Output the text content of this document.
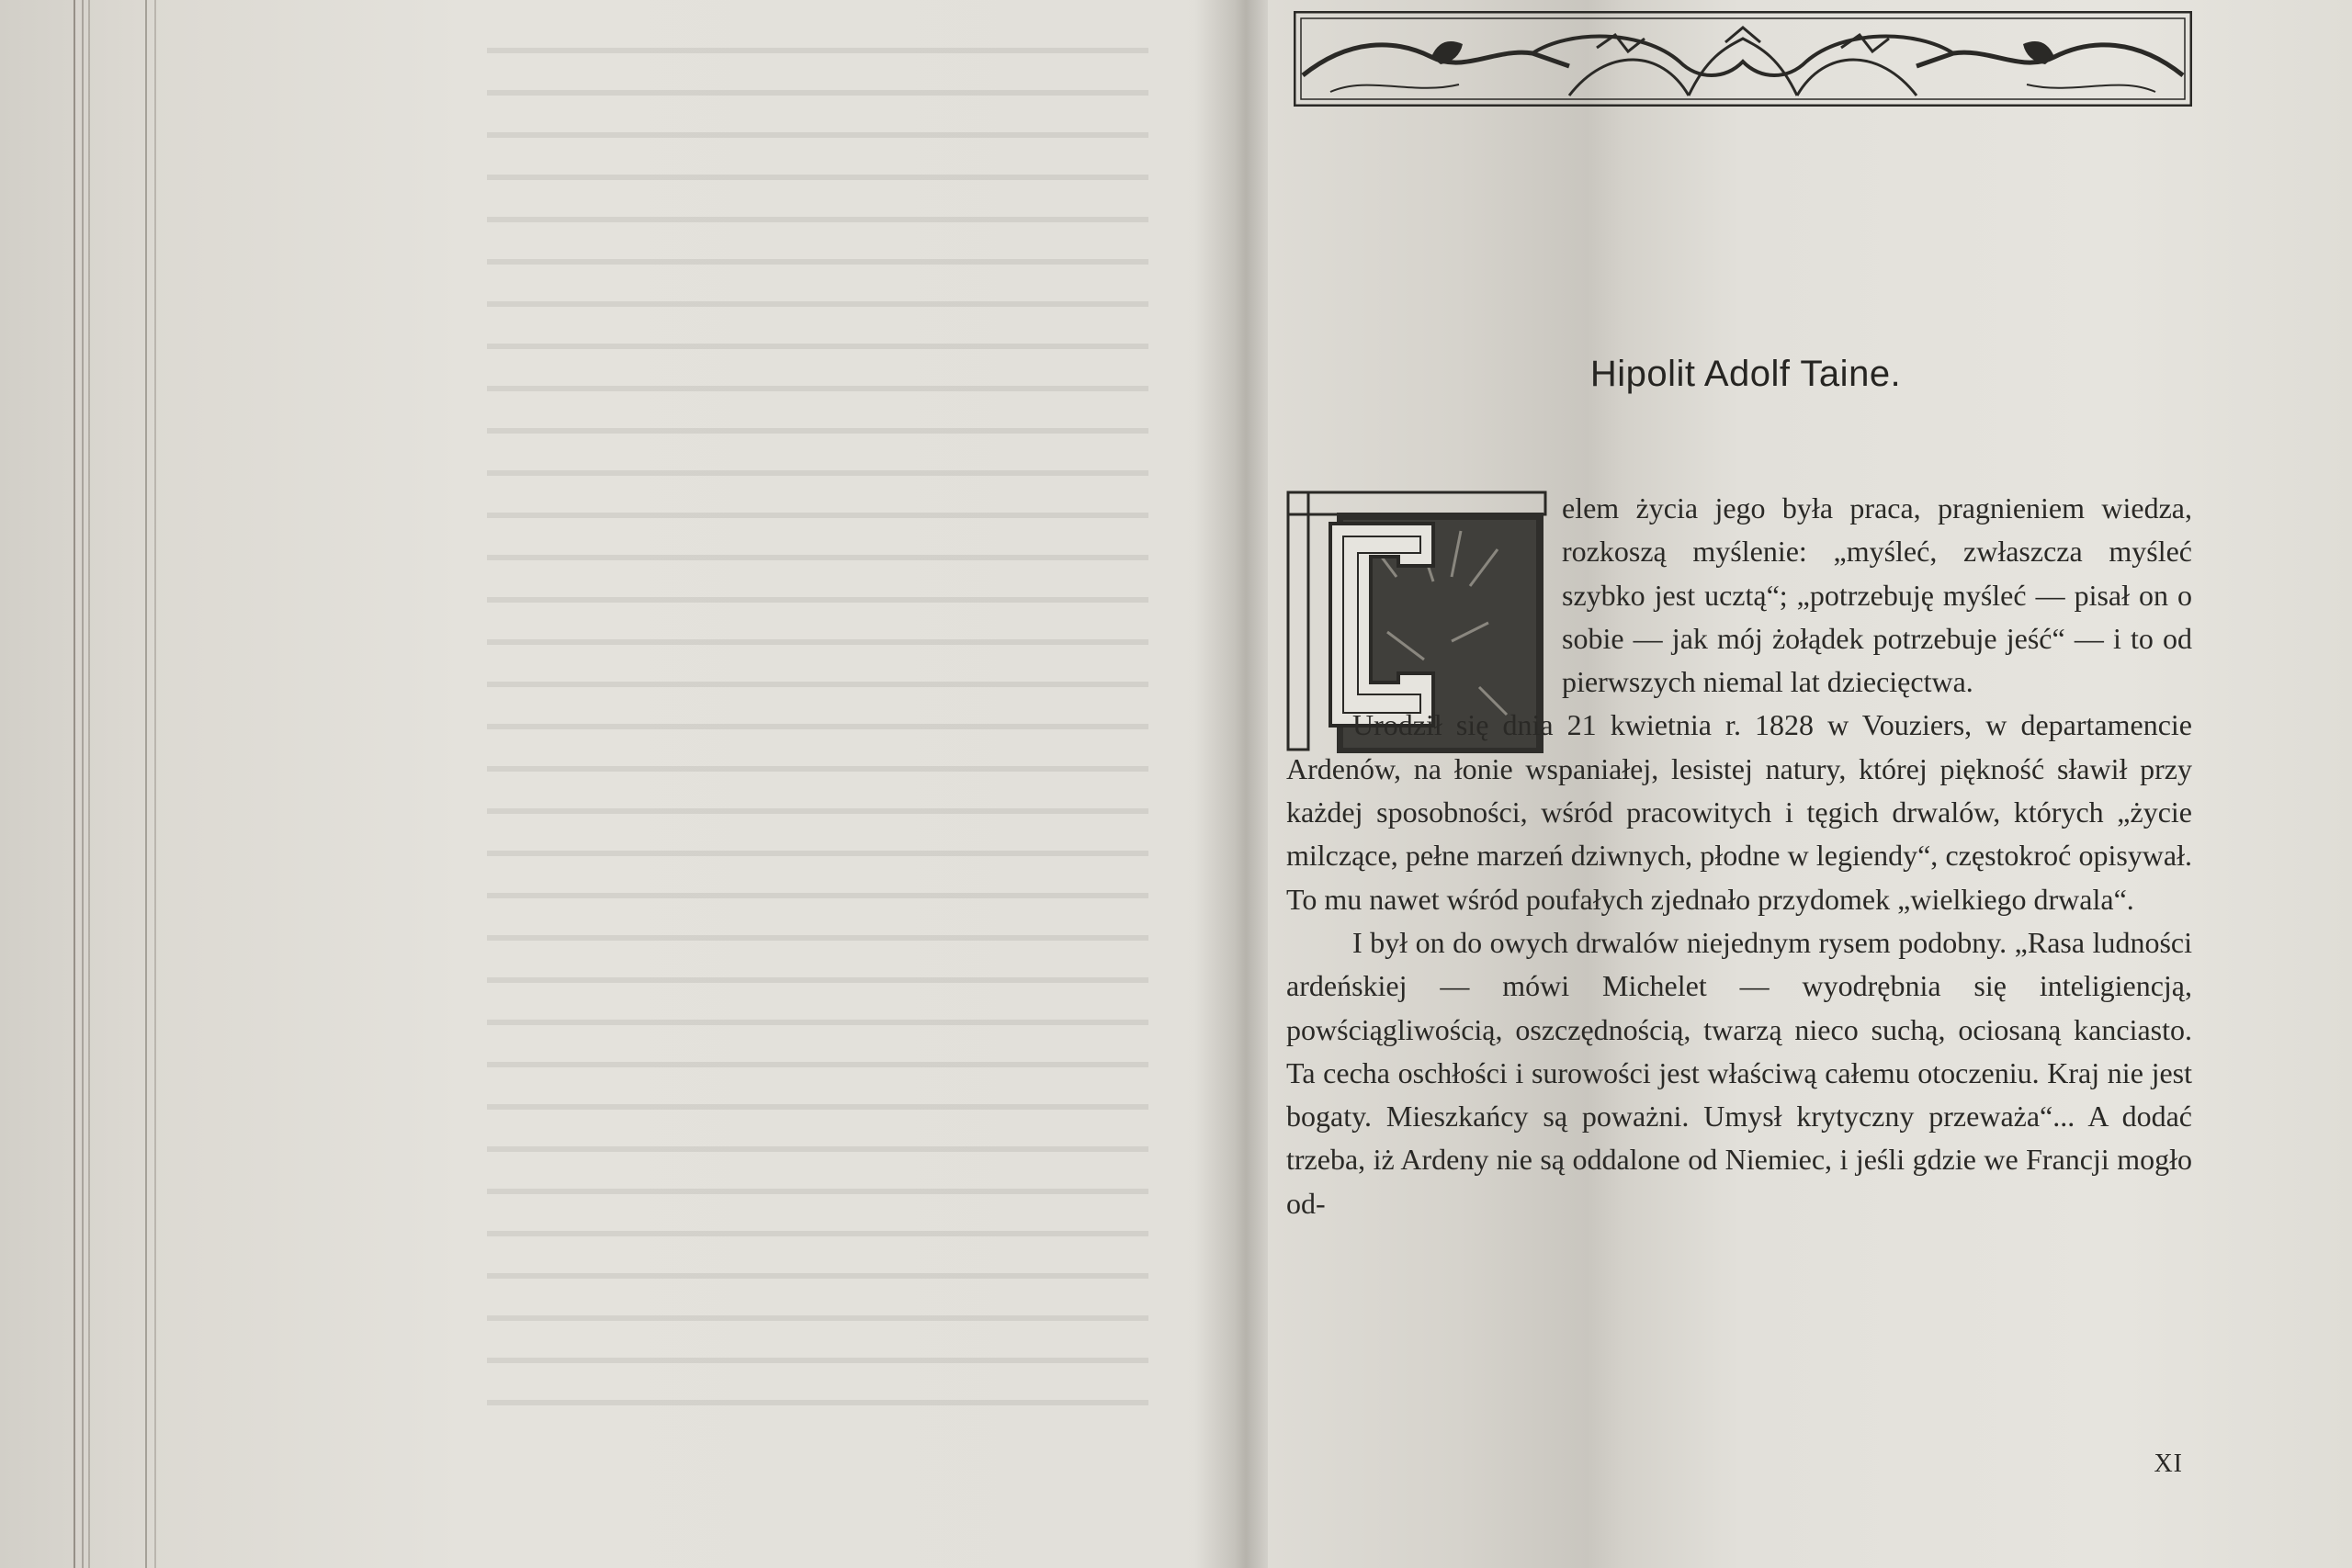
Hipolit Adolf Taine.
C

elem życia jego była praca, pragnieniem wiedza, rozkoszą myślenie: „myśleć, zwłaszcza myśleć szybko jest ucztą“; „potrzebuję myśleć — pisał on o sobie — jak mój żołądek potrzebuje jeść“ — i to od pierwszych niemal lat dziecięctwa.

Urodził się dnia 21 kwietnia r. 1828 w Vouziers, w departamencie Ardenów, na łonie wspaniałej, lesistej natury, której piękność sławił przy każdej sposobności, wśród pracowitych i tęgich drwalów, których „życie milczące, pełne marzeń dziwnych, płodne w legiendy“, częstokroć opisywał. To mu nawet wśród poufałych zjednało przydomek „wielkiego drwala“.

I był on do owych drwalów niejednym rysem podobny. „Rasa ludności ardeńskiej — mówi Michelet — wyodrębnia się inteligiencją, powściągliwością, oszczędnością, twarzą nieco suchą, ociosaną kanciasto. Ta cecha oschłości i surowości jest właściwą całemu otoczeniu. Kraj nie jest bogaty. Mieszkańcy są poważni. Umysł krytyczny przeważa“... A dodać trzeba, iż Ardeny nie są oddalone od Niemiec, i jeśli gdzie we Francji mogło od-

XI
